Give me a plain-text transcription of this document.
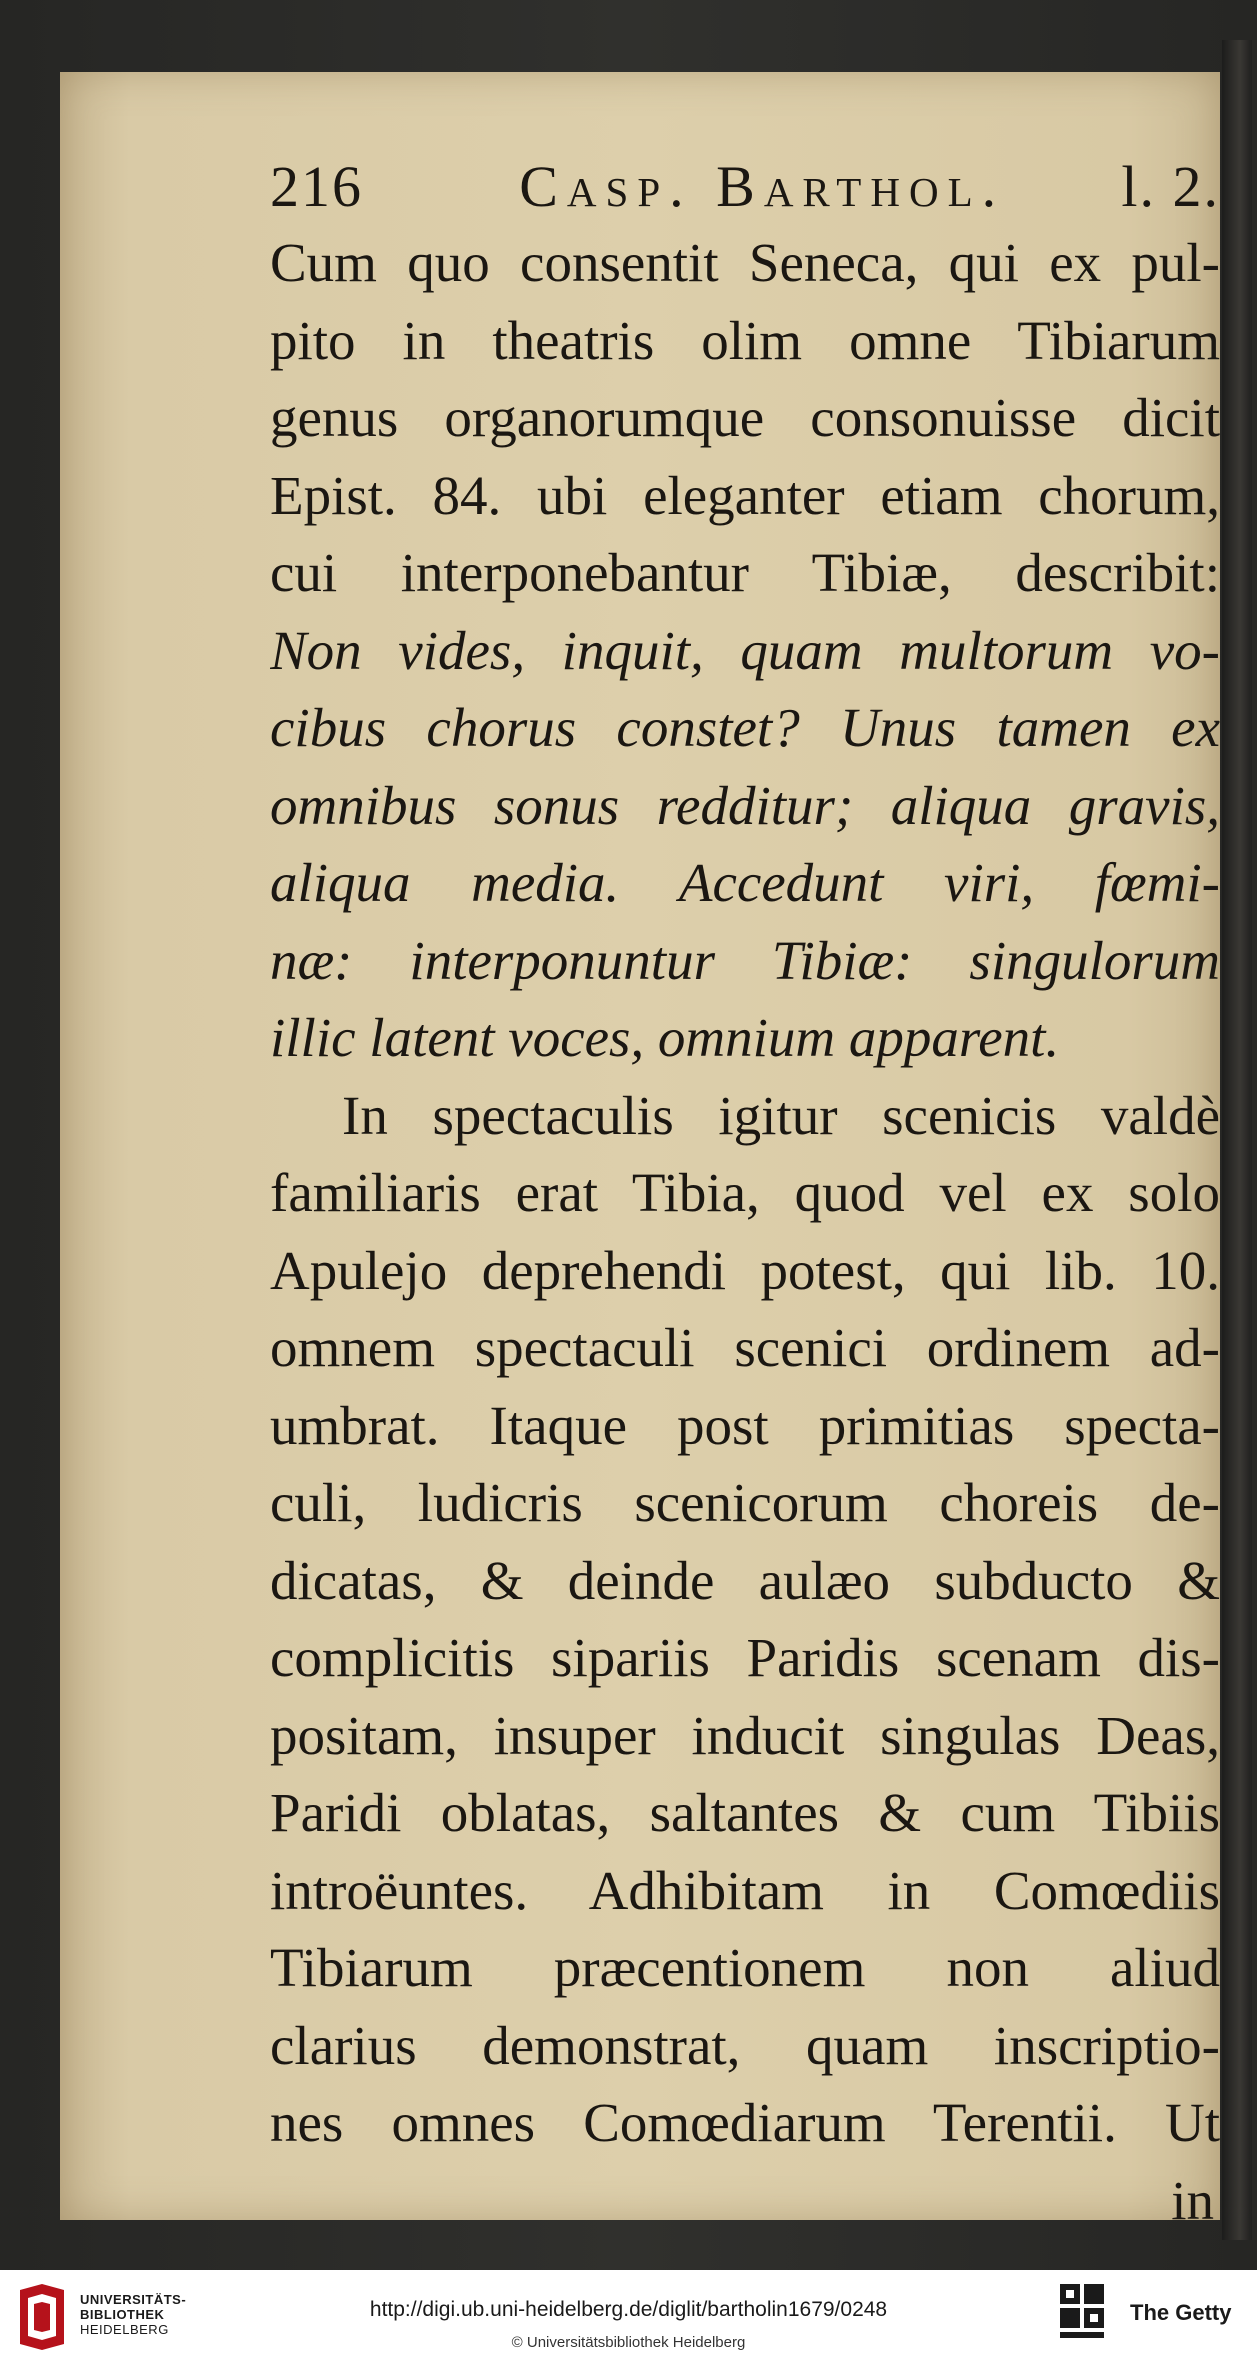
216	Casp. Barthol. l. 2.
Cum quo consentit Seneca, qui ex pul-
pito in theatris olim omne Tibiarum
genus organorumque consonuisse dicit
Epist. 84. ubi eleganter etiam chorum,
cui interponebantur Tibiæ, describit:
Non vides, inquit, quam multorum vo-
cibus chorus constet? Unus tamen ex
omnibus sonus redditur; aliqua gravis,
aliqua media. Accedunt viri, fœmi-
næ: interponuntur Tibiæ: singulorum
illic latent voces, omnium apparent.
In spectaculis igitur scenicis valdè
familiaris erat Tibia, quod vel ex solo
Apulejo deprehendi potest, qui lib. 10.
omnem spectaculi scenici ordinem ad-
umbrat. Itaque post primitias specta-
culi, ludicris scenicorum choreis de-
dicatas, & deinde aulæo subducto &
complicitis sipariis Paridis scenam dis-
positam, insuper inducit singulas Deas,
Paridi oblatas, saltantes & cum Tibiis
introëuntes. Adhibitam in Comœdiis
Tibiarum præcentionem non aliud
clarius demonstrat, quam inscriptio-
nes omnes Comœdiarum Terentii. Ut
in
UNIVERSITÄTS-
BIBLIOTHEK
HEIDELBERG
http://digi.ub.uni-heidelberg.de/diglit/bartholin1679/0248
© Universitätsbibliothek Heidelberg
The Getty
